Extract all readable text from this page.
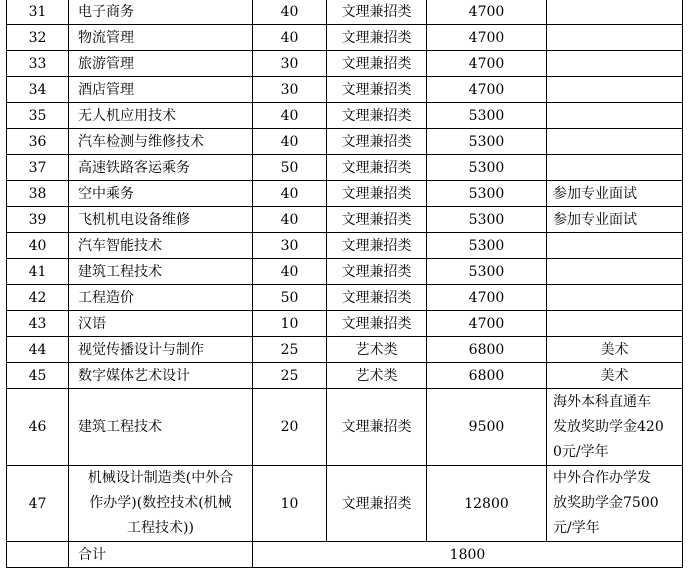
31	电子商务	40	文理兼招类	4700	
32	物流管理	40	文理兼招类	4700	
33	旅游管理	30	文理兼招类	4700	
34	酒店管理	30	文理兼招类	4700	
35	无人机应用技术	40	文理兼招类	5300	
36	汽车检测与维修技术	40	文理兼招类	5300	
37	高速铁路客运乘务	50	文理兼招类	5300	
38	空中乘务	40	文理兼招类	5300	参加专业面试
39	飞机机电设备维修	40	文理兼招类	5300	参加专业面试
40	汽车智能技术	30	文理兼招类	5300	
41	建筑工程技术	40	文理兼招类	5300	
42	工程造价	50	文理兼招类	4700	
43	汉语	10	文理兼招类	4700	
44	视觉传播设计与制作	25	艺术类	6800	美术
45	数字媒体艺术设计	25	艺术类	6800	美术
46	建筑工程技术	20	文理兼招类	9500	海外本科直通车
发放奖助学金420
0元/学年

47	机械设计制造类(中外合
作办学)(数控技术(机械
工程技术))	10	文理兼招类	12800	中外合作办学发
放奖助学金7500
元/学年

	合计	1800			
